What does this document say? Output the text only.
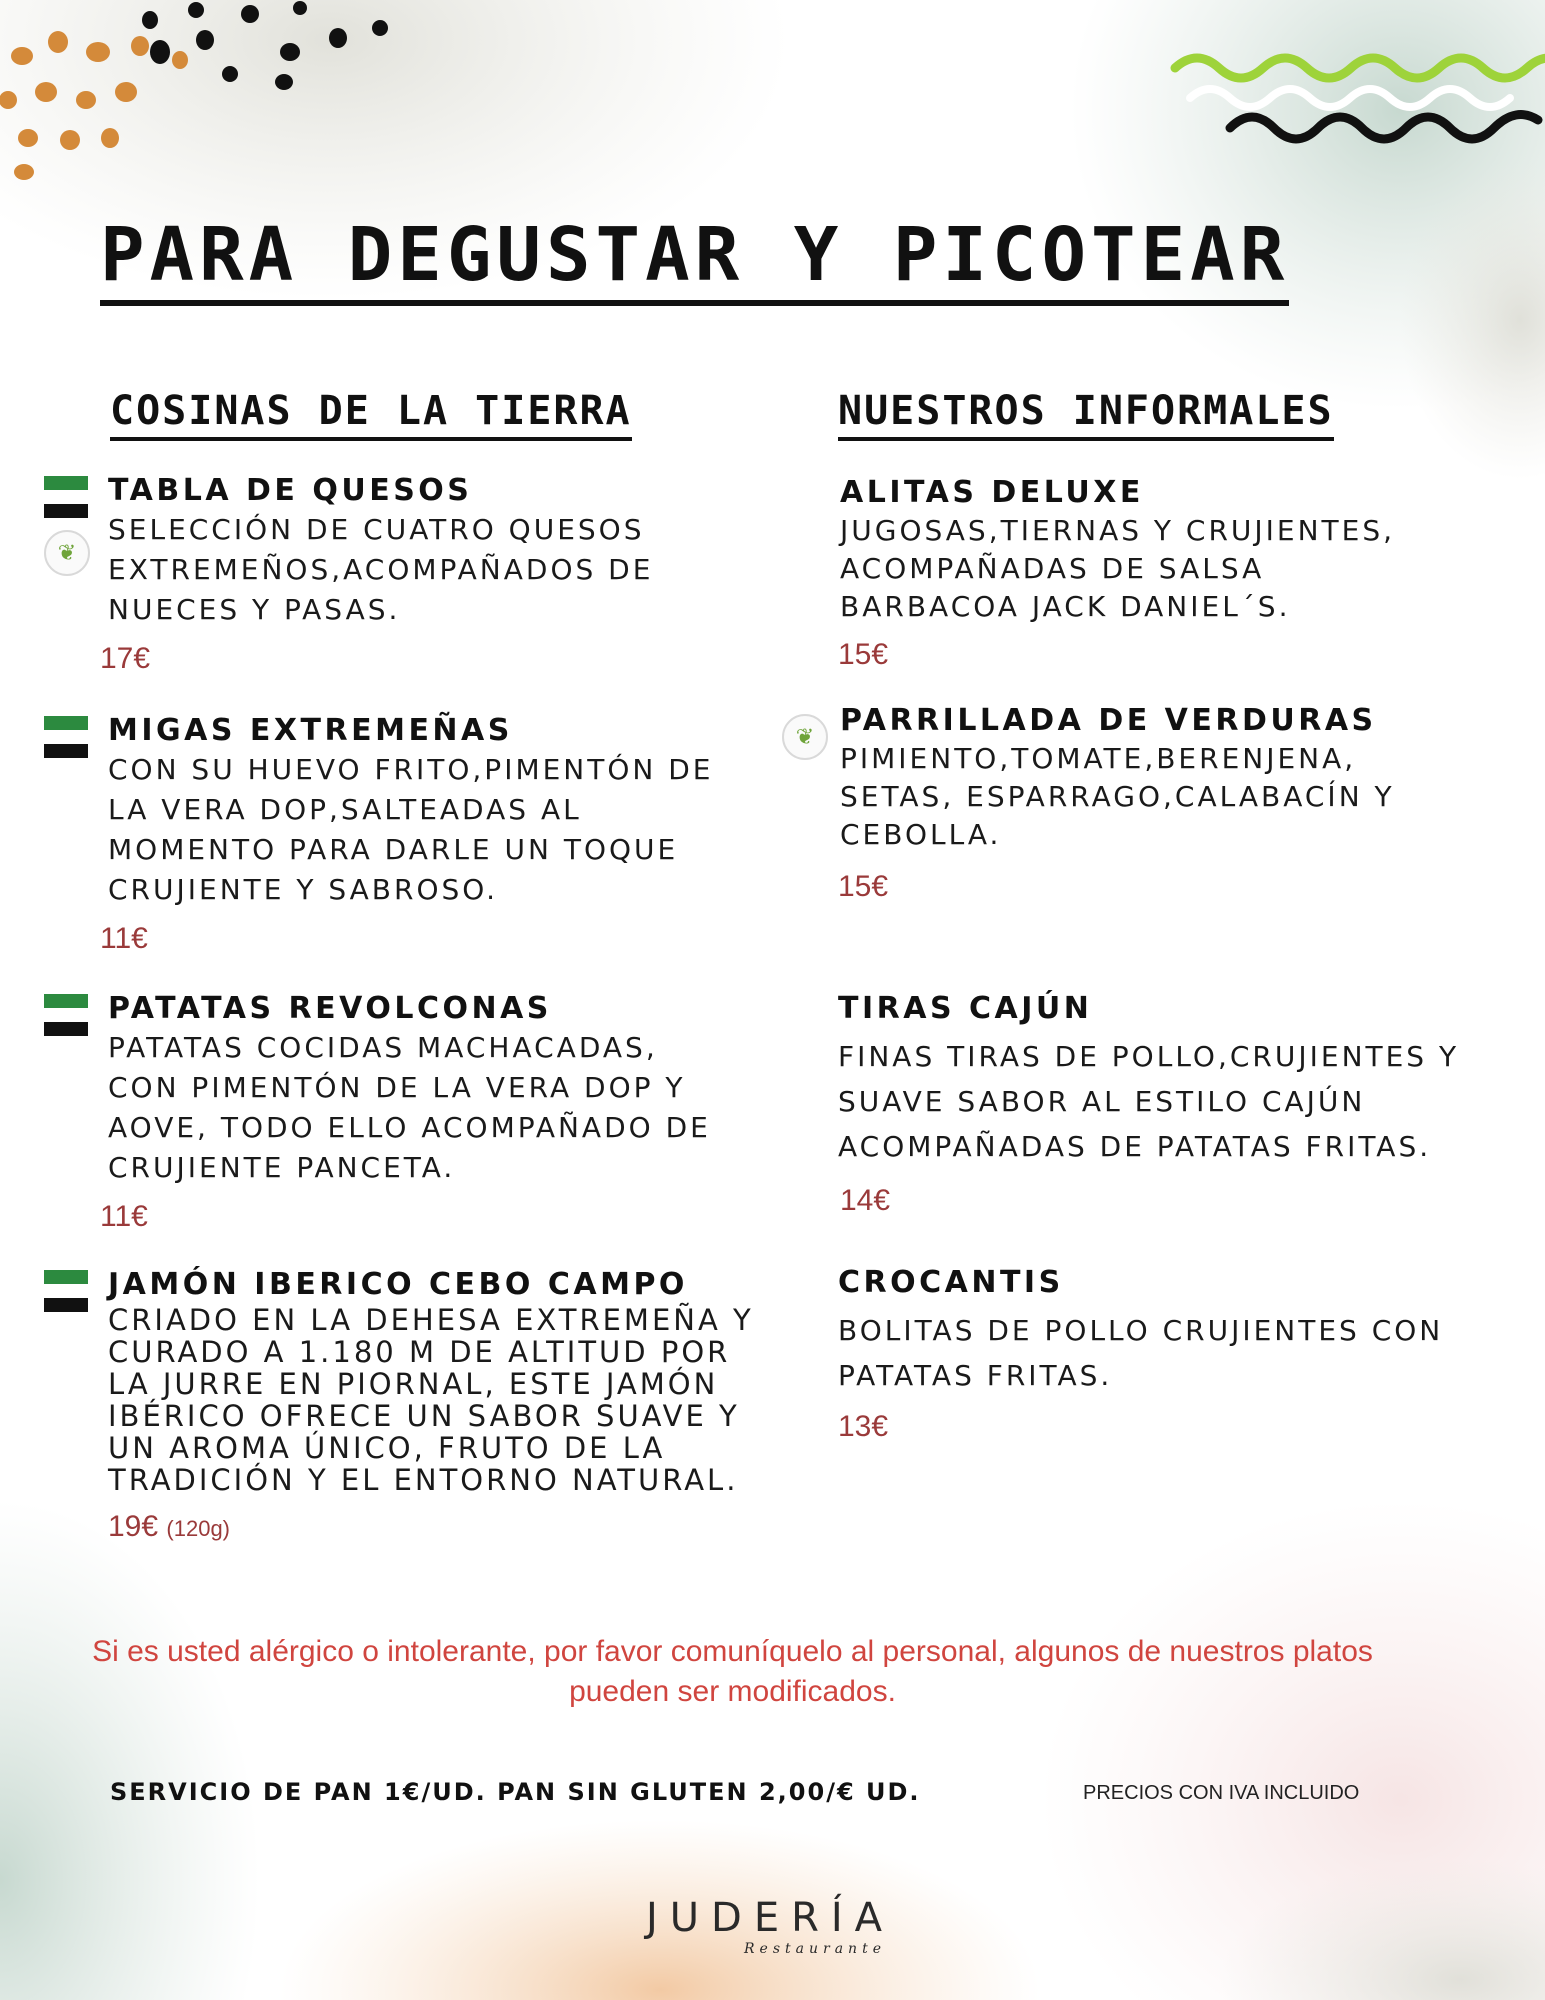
PARA DEGUSTAR Y PICOTEAR
COSINAS DE LA TIERRA	NUESTROS INFORMALES
❦
TABLA DE QUESOS

SELECCIÓN DE CUATRO QUESOS
EXTREMEÑOS,ACOMPAÑADOS DE
NUECES Y PASAS.

17€
MIGAS EXTREMEÑAS

CON SU HUEVO FRITO,PIMENTÓN DE
LA VERA DOP,SALTEADAS AL
MOMENTO PARA DARLE UN TOQUE
CRUJIENTE Y SABROSO.

11€
PATATAS REVOLCONAS

PATATAS COCIDAS MACHACADAS,
CON PIMENTÓN DE LA VERA DOP Y
AOVE, TODO ELLO ACOMPAÑADO DE
CRUJIENTE PANCETA.

11€
JAMÓN IBERICO CEBO CAMPO

CRIADO EN LA DEHESA EXTREMEÑA Y
CURADO A 1.180 M DE ALTITUD POR
LA JURRE EN PIORNAL, ESTE JAMÓN
IBÉRICO OFRECE UN SABOR SUAVE Y
UN AROMA ÚNICO, FRUTO DE LA
TRADICIÓN Y EL ENTORNO NATURAL.

19€ (120g)
ALITAS DELUXE

JUGOSAS,TIERNAS Y CRUJIENTES,
ACOMPAÑADAS DE SALSA
BARBACOA JACK DANIEL´S.

15€
❦ PARRILLADA DE VERDURAS

PIMIENTO,TOMATE,BERENJENA,
SETAS, ESPARRAGO,CALABACÍN Y
CEBOLLA.

15€
TIRAS CAJÚN

FINAS TIRAS DE POLLO,CRUJIENTES Y
SUAVE SABOR AL ESTILO CAJÚN
ACOMPAÑADAS DE PATATAS FRITAS.

14€
CROCANTIS

BOLITAS DE POLLO CRUJIENTES CON
PATATAS FRITAS.

13€

Si es usted alérgico o intolerante, por favor comuníquelo al personal, algunos de nuestros platos pueden ser modificados.

SERVICIO DE PAN 1€/UD. PAN SIN GLUTEN 2,00/€ UD.	PRECIOS CON IVA INCLUIDO
JUDERÍA
Restaurante
